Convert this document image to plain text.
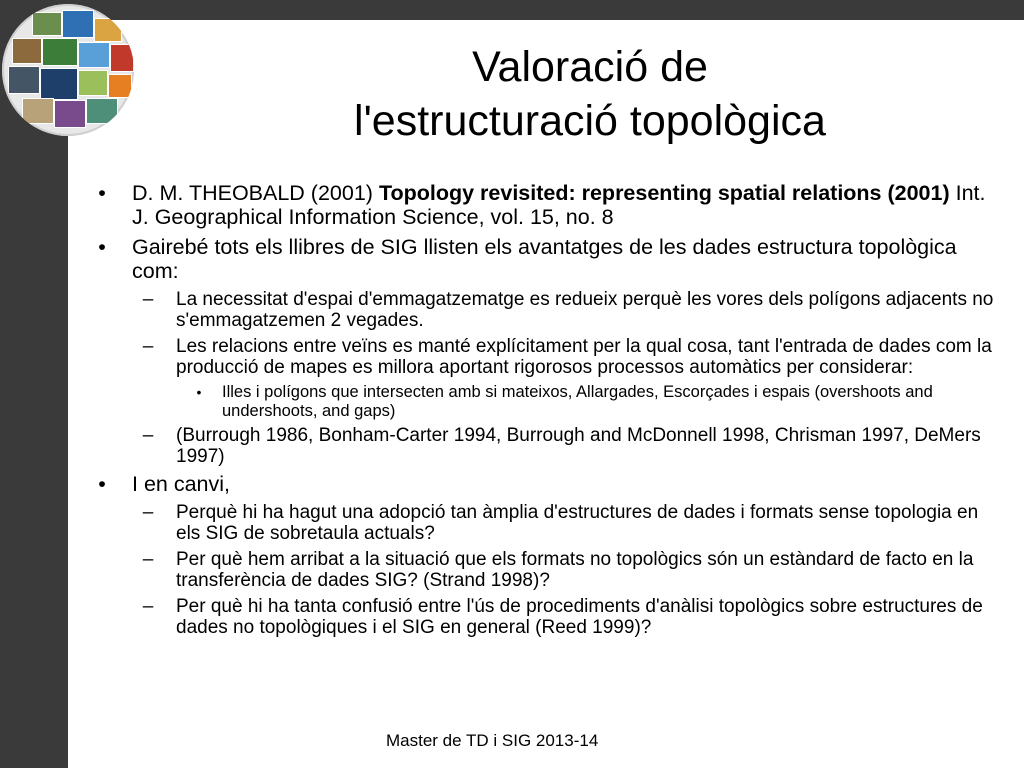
Valoració de
l'estructuració topològica
• D. M. THEOBALD (2001) Topology revisited: representing spatial relations (2001) Int. J. Geographical Information Science, vol. 15, no. 8
• Gairebé tots els llibres de SIG llisten els avantatges de les dades estructura topològica com:
– La necessitat d'espai d'emmagatzematge es redueix perquè les vores dels polígons adjacents no s'emmagatzemen 2 vegades.
– Les relacions entre veïns es manté explícitament per la qual cosa, tant l'entrada de dades com la producció de mapes es millora aportant rigorosos processos automàtics per considerar:
• Illes i polígons que intersecten amb si mateixos, Allargades, Escorçades i espais (overshoots and undershoots, and gaps)
– (Burrough 1986, Bonham-Carter 1994, Burrough and McDonnell 1998, Chrisman 1997, DeMers 1997)
• I en canvi,
– Perquè hi ha hagut una adopció tan àmplia d'estructures de dades i formats sense topologia en els SIG de sobretaula actuals?
– Per què hem arribat a la situació que els formats no topològics són un estàndard de facto en la transferència de dades SIG? (Strand 1998)?
– Per què hi ha tanta confusió entre l'ús de procediments d'anàlisi topològics sobre estructures de dades no topològiques i el SIG en general (Reed 1999)?
Master de TD i SIG 2013-14
